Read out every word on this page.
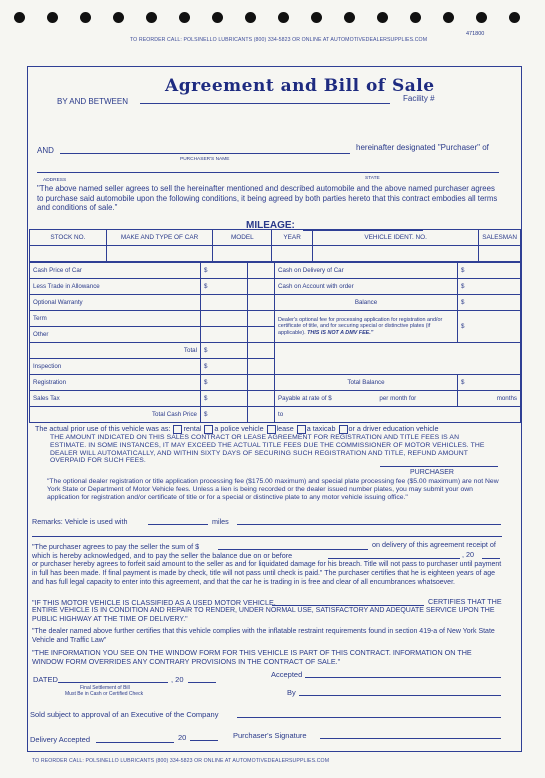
TO REORDER CALL: POLSINELLO LUBRICANTS (800) 334-5823 OR ONLINE AT AUTOMOTIVEDEALERSUPPLIES.COM
471800
Agreement and Bill of Sale
BY AND BETWEEN	Facility #
AND	hereinafter designated "Purchaser" of
PURCHASER'S NAME
ADDRESS	STATE
"The above named seller agrees to sell the hereinafter mentioned and described automobile and the above named purchaser agrees to purchase said automobile upon the following conditions, it being agreed by both parties hereto that this contract embodies all terms and conditions of sale."
MILEAGE:
STOCK NO.	MAKE AND TYPE OF CAR	MODEL	YEAR	VEHICLE IDENT. NO.	SALESMAN

Cash Price of Car	$		Cash on Delivery of Car	$
Less Trade in Allowance	$		Cash on Account with order	$
Optional Warranty			Balance	$
Term			Dealer's optional fee for processing application for registration and/or certificate of title, and for securing special or distinctive plates (if applicable). THIS IS NOT A DMV FEE."	$
Other				
Total	$			
Inspection	$			
Registration	$		Total Balance	$
Sales Tax	$		Payable at rate of $ per month for	months
Total Cash Price	$		to	
The actual prior use of this vehicle was as: rental a police vehicle lease a taxicab or a driver education vehicle
THE AMOUNT INDICATED ON THIS SALES CONTRACT OR LEASE AGREEMENT FOR REGISTRATION AND TITLE FEES IS AN ESTIMATE. IN SOME INSTANCES, IT MAY EXCEED THE ACTUAL TITLE FEES DUE THE COMMISSIONER OF MOTOR VEHICLES. THE DEALER WILL AUTOMATICALLY, AND WITHIN SIXTY DAYS OF SECURING SUCH REGISTRATION AND TITLE, REFUND AMOUNT OVERPAID FOR SUCH FEES.
PURCHASER
"The optional dealer registration or title application processing fee ($175.00 maximum) and special plate processing fee ($5.00 maximum) are not New York State or Department of Motor Vehicle fees. Unless a lien is being recorded or the dealer issued number plates, you may submit your own application for registration and/or certificate of title or for a special or distinctive plate to any motor vehicle issuing office."
Remarks: Vehicle is used with	miles
"The purchaser agrees to pay the seller the sum of $	on delivery of this agreement receipt of
which is hereby acknowledged, and to pay the seller the balance due on or before	, 20
or purchaser hereby agrees to forfeit said amount to the seller as and for liquidated damage for his breach. Title will not pass to purchaser until payment in full has been made. If final payment is made by check, title will not pass until check is paid." The purchaser certifies that he is eighteen years of age and has full legal capacity to enter into this agreement, and that the car he is trading in is free and clear of all encumbrances whatsoever.
"IF THIS MOTOR VEHICLE IS CLASSIFIED AS A USED MOTOR VEHICLE,	CERTIFIES THAT THE
ENTIRE VEHICLE IS IN CONDITION AND REPAIR TO RENDER, UNDER NORMAL USE, SATISFACTORY AND ADEQUATE SERVICE UPON THE PUBLIC HIGHWAY AT THE TIME OF DELIVERY."
"The dealer named above further certifies that this vehicle complies with the inflatable restraint requirements found in section 419-a of New York State Vehicle and Traffic Law"
"THE INFORMATION YOU SEE ON THE WINDOW FORM FOR THIS VEHICLE IS PART OF THIS CONTRACT. INFORMATION ON THE WINDOW FORM OVERRIDES ANY CONTRARY PROVISIONS IN THE CONTRACT OF SALE."
DATED	, 20
Accepted
Final Settlement of Bill
Must Be in Cash or Certified Check	By
Sold subject to approval of an Executive of the Company
Delivery Accepted	20	Purchaser's Signature
TO REORDER CALL: POLSINELLO LUBRICANTS (800) 334-5823 OR ONLINE AT AUTOMOTIVEDEALERSUPPLIES.COM
